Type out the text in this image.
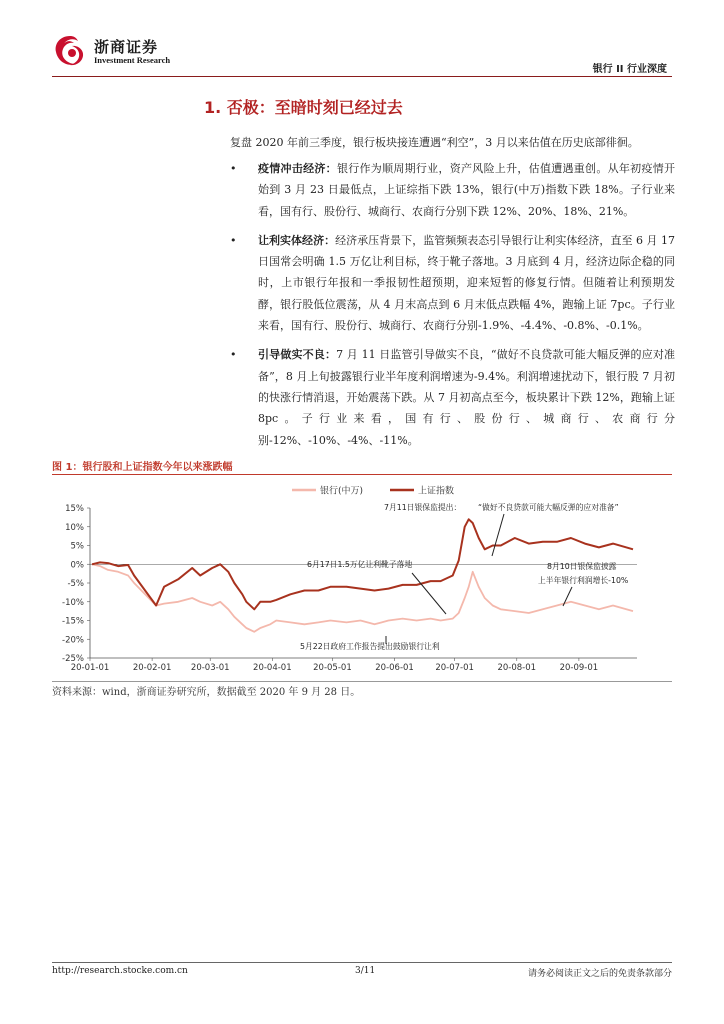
浙商证券
Investment Research
银行 II 行业深度
1. 否极：至暗时刻已经过去
复盘 2020 年前三季度，银行板块接连遭遇“利空”，3 月以来估值在历史底部徘徊。
• 疫情冲击经济：银行作为顺周期行业，资产风险上升，估值遭遇重创。从年初疫情开始到 3 月 23 日最低点，上证综指下跌 13%，银行(中万)指数下跌 18%。子行业来看，国有行、股份行、城商行、农商行分别下跌 12%、20%、18%、21%。
• 让利实体经济：经济承压背景下，监管频频表态引导银行让利实体经济，直至 6 月 17 日国常会明确 1.5 万亿让利目标，终于靴子落地。3 月底到 4 月，经济边际企稳的同时，上市银行年报和一季报韧性超预期，迎来短暂的修复行情。但随着让利预期发酵，银行股低位震荡，从 4 月末高点到 6 月末低点跌幅 4%，跑输上证 7pc。子行业来看，国有行、股份行、城商行、农商行分别-1.9%、-4.4%、-0.8%、-0.1%。
• 引导做实不良：7 月 11 日监管引导做实不良，“做好不良贷款可能大幅反弹的应对准备”，8 月上旬披露银行业半年度利润增速为-9.4%。利润增速扰动下，银行股 7 月初的快涨行情消退，开始震荡下跌。从 7 月初高点至今，板块累计下跌 12%，跑输上证 8pc。子行业来看，国有行、股份行、城商行、农商行分别-12%、-10%、-4%、-11%。
图 1：银行股和上证指数今年以来涨跌幅
15%
10%
5%
0%
-5%
-10%
-15%
-20%
-25%
20-01-01	20-02-01 20-03-01	20-04-01	20-05-01	20-06-01	20-07-01	20-08-01	20-09-01
银行(中万)	上证指数
7月11日银保监提出： “做好不良贷款可能大幅反弹的应对准备”
6月17日1.5万亿让利靴子落地	8月10日银保监披露
上半年银行利润增长-10%
5月22日政府工作报告提出鼓励银行让利
资料来源：wind，浙商证券研究所，数据截至 2020 年 9 月 28 日。
http://research.stocke.com.cn	3/11	请务必阅读正文之后的免责条款部分
